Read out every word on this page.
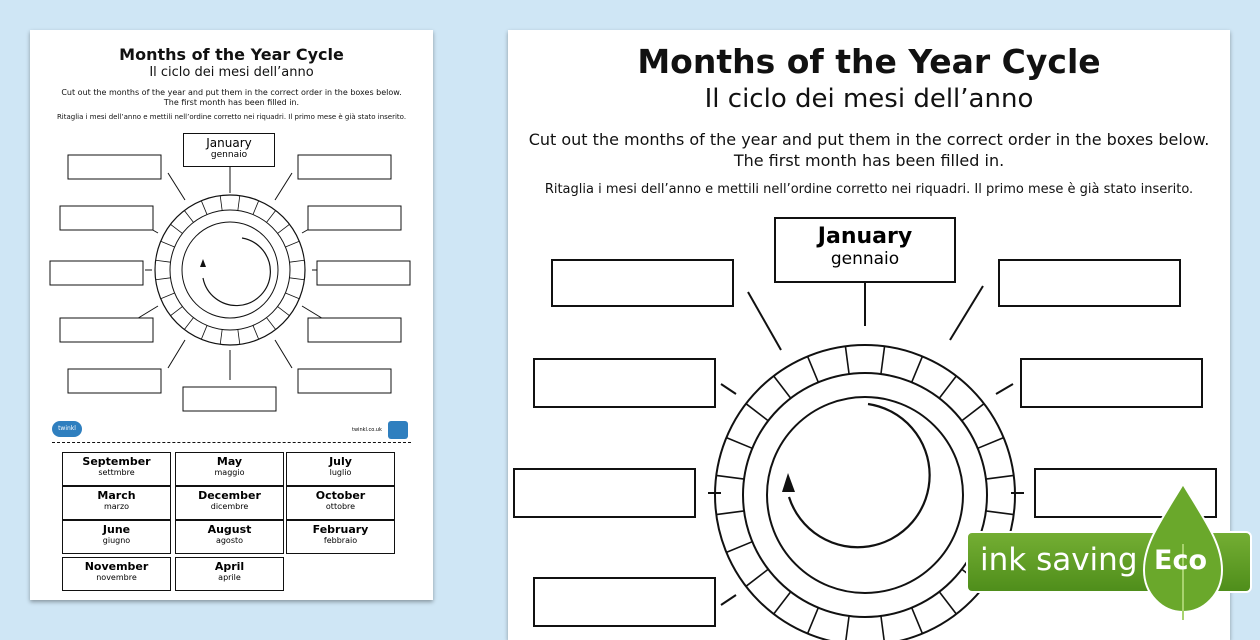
Months of the Year Cycle
Il ciclo dei mesi dell’anno
Cut out the months of the year and put them in the correct order in the boxes below.
The first month has been filled in.
Ritaglia i mesi dell’anno e mettili nell’ordine corretto nei riquadri. Il primo mese è già stato inserito.
January
gennaio
twinkl	twinkl.co.uk
September
settmbre
May
maggio
July
luglio
March
marzo
December
dicembre
October
ottobre
June
giugno
August
agosto
February
febbraio
November
novembre
April
aprile
Months of the Year Cycle
Il ciclo dei mesi dell’anno
Cut out the months of the year and put them in the correct order in the boxes below.
The first month has been filled in.
Ritaglia i mesi dell’anno e mettili nell’ordine corretto nei riquadri. Il primo mese è già stato inserito.
January
gennaio
ink saving Eco
